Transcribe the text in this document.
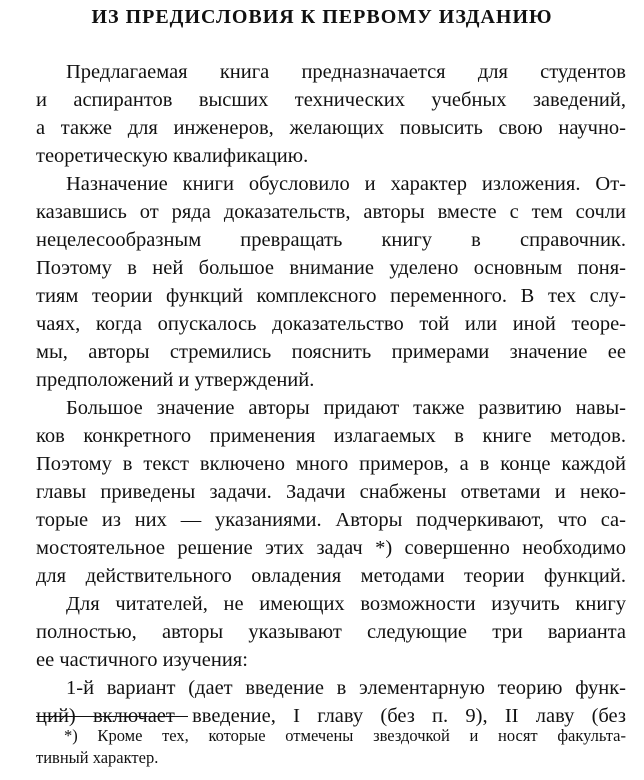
ИЗ ПРЕДИСЛОВИЯ К ПЕРВОМУ ИЗДАНИЮ
Предлагаемая книга предназначается для студентов
и аспирантов высших технических учебных заведений,
а также для инженеров, желающих повысить свою научно-
теоретическую квалификацию.
Назначение книги обусловило и характер изложения. От-
казавшись от ряда доказательств, авторы вместе с тем сочли
нецелесообразным превращать книгу в справочник.
Поэтому в ней большое внимание уделено основным поня-
тиям теории функций комплексного переменного. В тех слу-
чаях, когда опускалось доказательство той или иной теоре-
мы, авторы стремились пояснить примерами значение ее
предположений и утверждений.
Большое значение авторы придают также развитию навы-
ков конкретного применения излагаемых в книге методов.
Поэтому в текст включено много примеров, а в конце каждой
главы приведены задачи. Задачи снабжены ответами и неко-
торые из них — указаниями. Авторы подчеркивают, что са-
мостоятельное решение этих задач *) совершенно необходимо
для действительного овладения методами теории функций.
Для читателей, не имеющих возможности изучить книгу
полностью, авторы указывают следующие три варианта
ее частичного изучения:
1-й вариант (дает введение в элементарную теорию функ-
ций) включает введение, I главу (без п. 9), II лаву (без
*) Кроме тех, которые отмечены звездочкой и носят факульта-
тивный характер.
